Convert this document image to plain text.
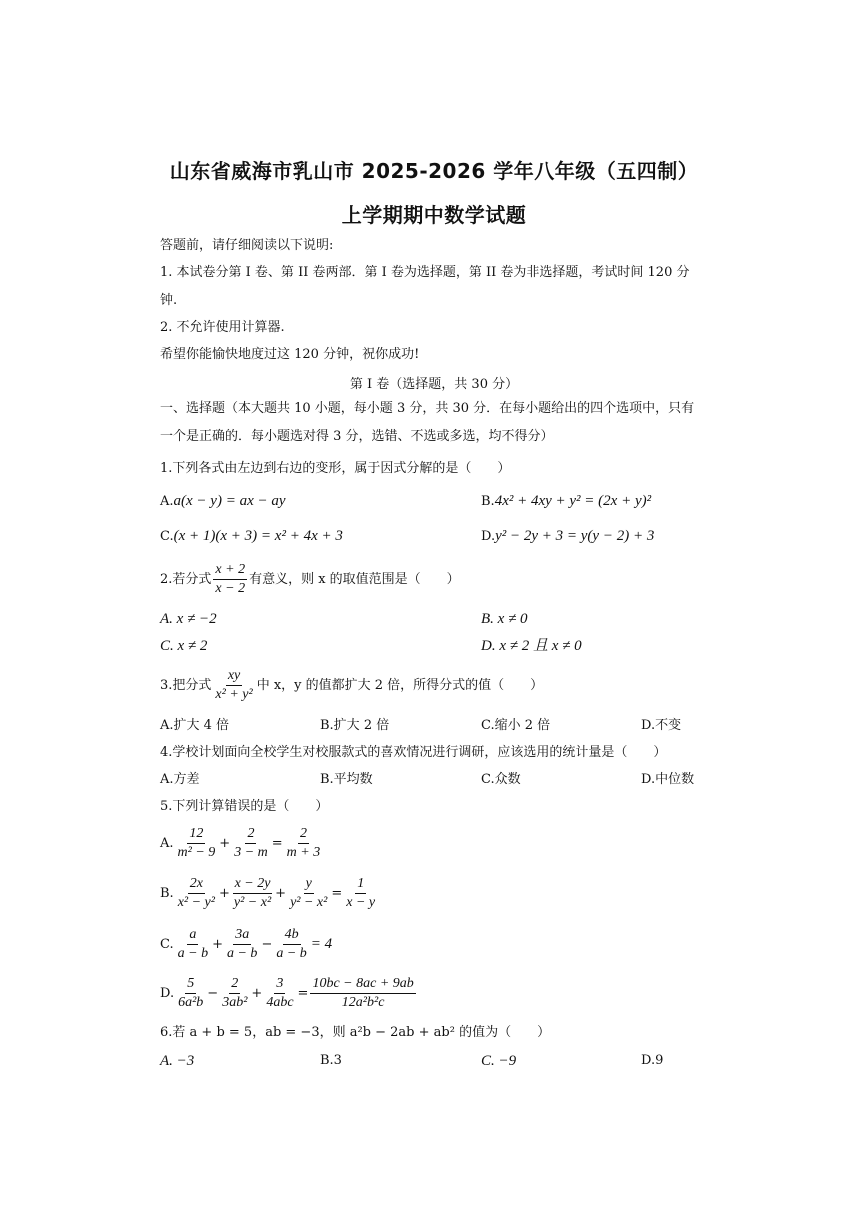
山东省威海市乳山市 2025-2026 学年八年级（五四制）
上学期期中数学试题
答题前，请仔细阅读以下说明:
1. 本试卷分第 I 卷、第 II 卷两部．第 I 卷为选择题，第 II 卷为非选择题，考试时间 120 分
钟.
2. 不允许使用计算器.
希望你能愉快地度过这 120 分钟，祝你成功!
第 I 卷（选择题，共 30 分）
一、选择题（本大题共 10 小题，每小题 3 分，共 30 分．在每小题给出的四个选项中，只有
一个是正确的．每小题选对得 3 分，选错、不选或多选，均不得分）
1.下列各式由左边到右边的变形，属于因式分解的是（　　）
A.a(x − y) = ax − ay	B.4x² + 4xy + y² = (2x + y)²
C.(x + 1)(x + 3) = x² + 4x + 3	D.y² − 2y + 3 = y(y − 2) + 3
2.若分式 $\frac{x + 2}{x - 2}$ 有意义，则 x 的取值范围是（　　）
A. x ≠ −2	B. x ≠ 0
C. x ≠ 2	D. x ≠ 2 且 x ≠ 0
3.把分式 $\frac{xy}{\text{x² + y²}}$ 中 x，y 的值都扩大 2 倍，所得分式的值（　　）
A.扩大 4 倍	B.扩大 2 倍	C.缩小 2 倍	D.不变
4.学校计划面向全校学生对校服款式的喜欢情况进行调研，应该选用的统计量是（　　）
A.方差	B.平均数	C.众数	D.中位数
5.下列计算错误的是（　　）
A. $\frac{12}{\text{m² − 9}} + \frac{2}{3 - m} = \frac{2}{m + 3}$
B. $\frac{2x}{\text{x² − y²}} + \frac{x - 2y}{\text{y² − x²}} + \frac{y}{\text{y² − x²}} = \frac{1}{x - y}$
C. $\frac{a}{a - b} + \frac{3a}{a - b} - \frac{4b}{a - b} = 4$
D. $\frac{5}{\text{6a²b}} - \frac{2}{\text{3ab²}} + \frac{3}{\text{4abc}} = \frac{10bc - 8ac + 9ab}{\text{12a²b²c}}$
6.若 a + b = 5，ab = −3，则 a²b − 2ab + ab² 的值为（　　）
A. −3	B.3	C. −9	D.9
